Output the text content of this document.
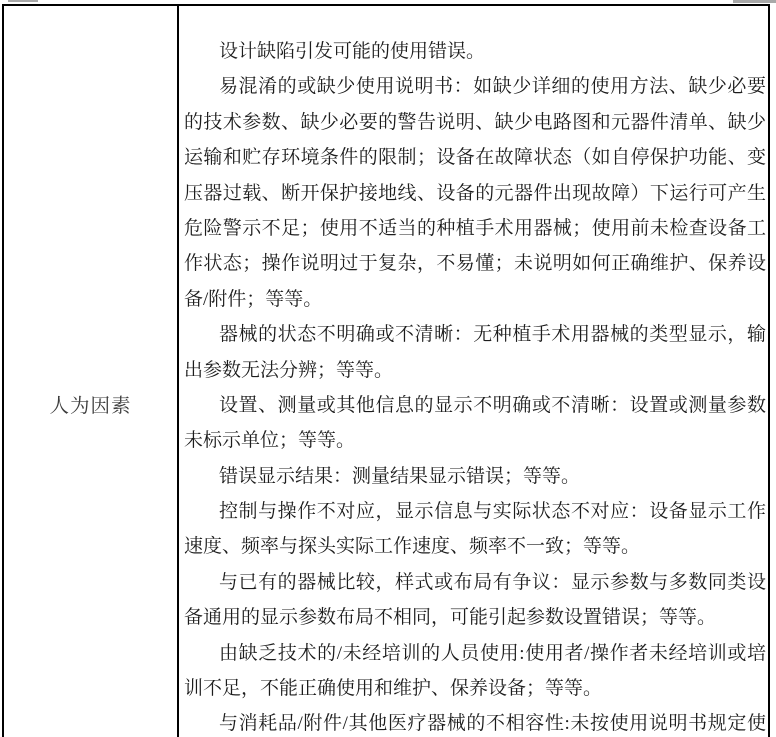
人为因素
设计缺陷引发可能的使用错误。
易混淆的或缺少使用说明书：如缺少详细的使用方法、缺少必要
的技术参数、缺少必要的警告说明、缺少电路图和元器件清单、缺少
运输和贮存环境条件的限制；设备在故障状态（如自停保护功能、变
压器过载、断开保护接地线、设备的元器件出现故障）下运行可产生
危险警示不足；使用不适当的种植手术用器械；使用前未检查设备工
作状态；操作说明过于复杂，不易懂；未说明如何正确维护、保养设
备/附件；等等。
器械的状态不明确或不清晰：无种植手术用器械的类型显示，输
出参数无法分辨；等等。
设置、测量或其他信息的显示不明确或不清晰：设置或测量参数
未标示单位；等等。
错误显示结果：测量结果显示错误；等等。
控制与操作不对应，显示信息与实际状态不对应：设备显示工作
速度、频率与探头实际工作速度、频率不一致；等等。
与已有的器械比较，样式或布局有争议：显示参数与多数同类设
备通用的显示参数布局不相同，可能引起参数设置错误；等等。
由缺乏技术的/未经培训的人员使用:使用者/操作者未经培训或培
训不足，不能正确使用和维护、保养设备；等等。
与消耗品/附件/其他医疗器械的不相容性:未按使用说明书规定使
